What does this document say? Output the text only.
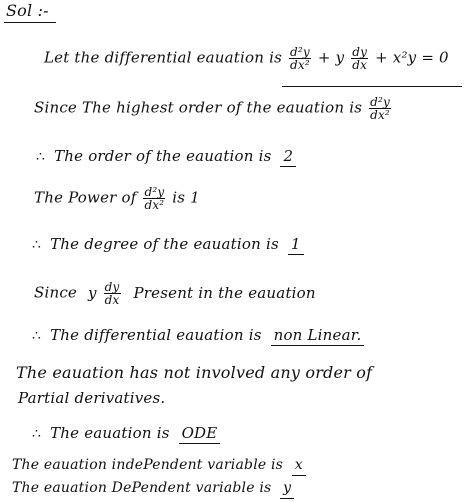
Sol :-
Let the differential eauation is $\frac{\text{d²y}}{\text{dx²}} + y \frac{dy}{dx} + x^2y = 0$
Since The highest order of the eauation is $\frac{\text{d²y}}{\text{dx²}}$
∴ The order of the eauation is 2
The Power of $\frac{\text{d²y}}{\text{dx²}}$ is 1
∴ The degree of the eauation is 1
Since y $\frac{dy}{dx}$ Present in the eauation
∴ The differential eauation is non Linear.
The eauation has not involved any order of
Partial derivatives.
∴ The eauation is ODE
The eauation indePendent variable is x
The eauation DePendent variable is y
